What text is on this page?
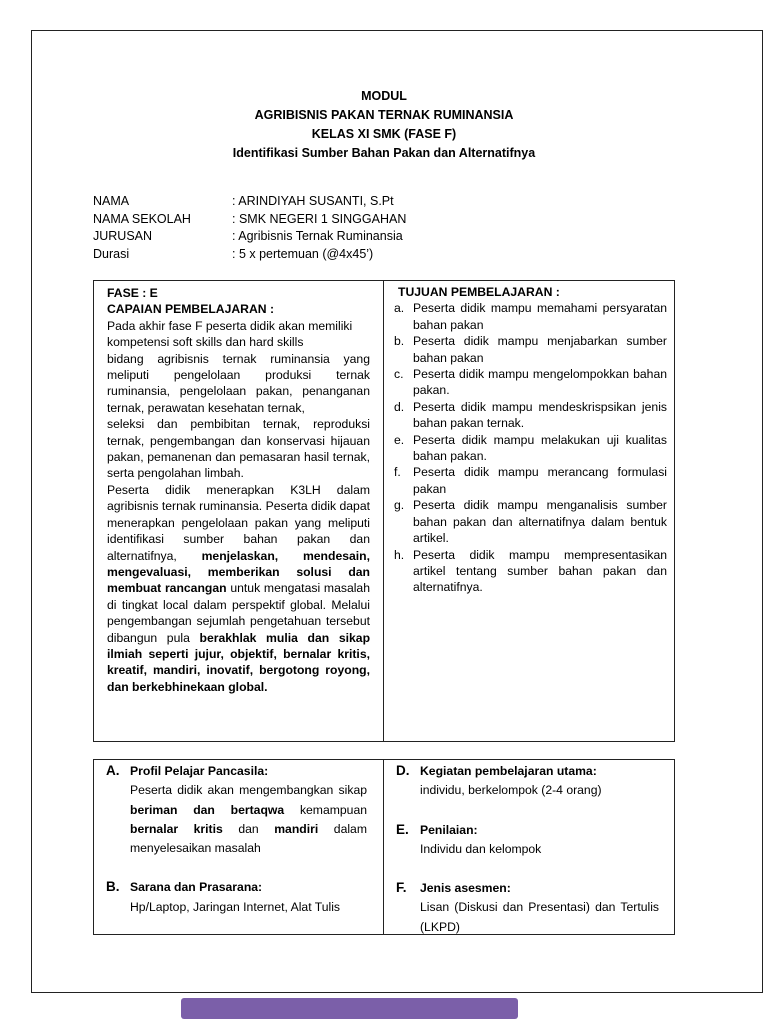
MODUL
AGRIBISNIS PAKAN TERNAK RUMINANSIA
KELAS XI SMK (FASE F)
Identifikasi Sumber Bahan Pakan dan Alternatifnya
NAMA	: ARINDIYAH SUSANTI, S.Pt
NAMA SEKOLAH	: SMK NEGERI 1 SINGGAHAN
JURUSAN	: Agribisnis Ternak Ruminansia
Durasi	: 5 x pertemuan (@4x45’)
FASE : E
CAPAIAN PEMBELAJARAN :
Pada akhir fase F peserta didik akan memiliki kompetensi soft skills dan hard skills
bidang agribisnis ternak ruminansia yang meliputi pengelolaan produksi ternak ruminansia, pengelolaan pakan, penanganan ternak, perawatan kesehatan ternak,
seleksi dan pembibitan ternak, reproduksi ternak, pengembangan dan konservasi hijauan pakan, pemanenan dan pemasaran hasil ternak, serta pengolahan limbah.
Peserta didik menerapkan K3LH dalam agribisnis ternak ruminansia. Peserta didik dapat menerapkan pengelolaan pakan yang meliputi identifikasi sumber bahan pakan dan alternatifnya, menjelaskan, mendesain, mengevaluasi, memberikan solusi dan membuat rancangan untuk mengatasi masalah di tingkat local dalam perspektif global. Melalui pengembangan sejumlah pengetahuan tersebut dibangun pula berakhlak mulia dan sikap ilmiah seperti jujur, objektif, bernalar kritis, kreatif, mandiri, inovatif, bergotong royong, dan berkebhinekaan global.
TUJUAN PEMBELAJARAN :
a. Peserta didik mampu memahami persyaratan bahan pakan
b. Peserta didik mampu menjabarkan sumber bahan pakan
c. Peserta didik mampu mengelompokkan bahan pakan.
d. Peserta didik mampu mendeskrispsikan jenis bahan pakan ternak.
e. Peserta didik mampu melakukan uji kualitas bahan pakan.
f.	Peserta didik mampu merancang formulasi pakan
g. Peserta didik mampu menganalisis sumber bahan pakan dan alternatifnya dalam bentuk artikel.
h. Peserta didik mampu mempresentasikan artikel tentang sumber bahan pakan dan alternatifnya.
A. Profil Pelajar Pancasila:
Peserta didik akan mengembangkan sikap beriman dan bertaqwa kemampuan bernalar kritis dan mandiri dalam menyelesaikan masalah
B. Sarana dan Prasarana:
Hp/Laptop, Jaringan Internet, Alat Tulis
D. Kegiatan pembelajaran utama:
individu, berkelompok (2-4 orang)
E. Penilaian:
Individu dan kelompok
F.	Jenis asesmen:
Lisan (Diskusi dan Presentasi) dan Tertulis (LKPD)
